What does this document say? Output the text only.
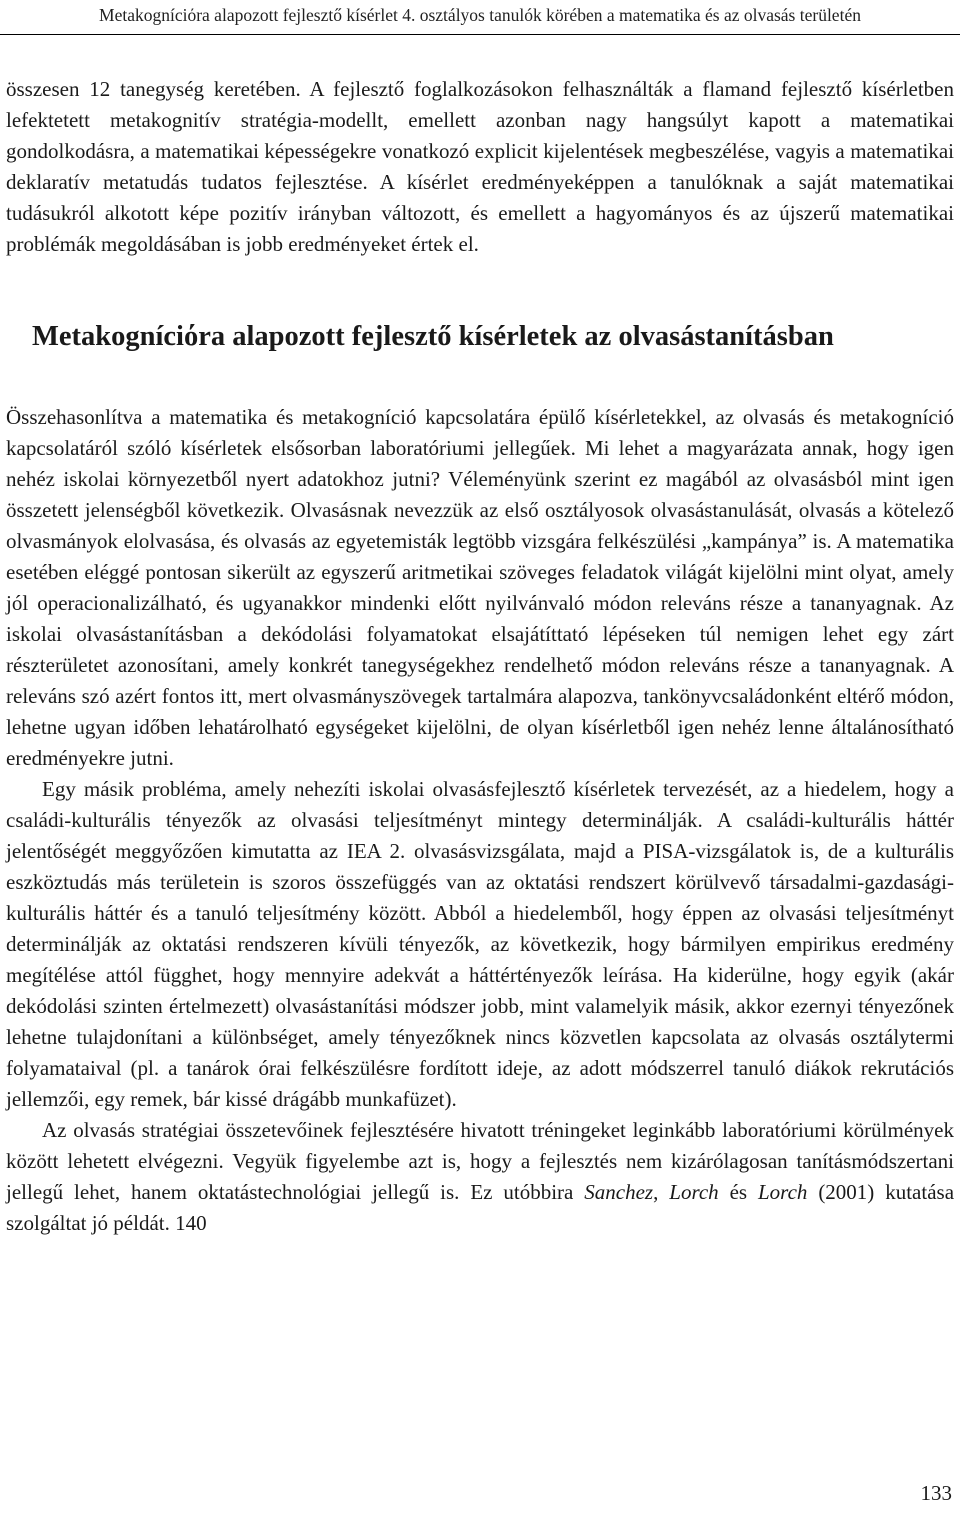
Metakogníciόra alapozott fejlesztő kísérlet 4. osztályos tanulók körében a matematika és az olvasás területén

összesen 12 tanegység keretében. A fejlesztő foglalkozásokon felhasználták a flamand fejlesztő kísérletben lefektetett metakognitív stratégia-modellt, emellett azonban nagy hangsúlyt kapott a matematikai gondolkodásra, a matematikai képességekre vonatkozó explicit kijelentések megbeszélése, vagyis a matematikai deklaratív metatudás tudatos fejlesztése. A kísérlet eredményeképpen a tanulóknak a saját matematikai tudásukról alkotott képe pozitív irányban változott, és emellett a hagyományos és az újszerű matematikai problémák megoldásában is jobb eredményeket értek el.

Metakogníciόra alapozott fejlesztő kísérletek az olvasástanításban

Összehasonlítva a matematika és metakogníció kapcsolatára épülő kísérletekkel, az olvasás és metakogníció kapcsolatáról szóló kísérletek elsősorban laboratóriumi jellegűek. Mi lehet a magyarázata annak, hogy igen nehéz iskolai környezetből nyert adatokhoz jutni? Véleményünk szerint ez magából az olvasásból mint igen összetett jelenségből következik. Olvasásnak nevezzük az első osztályosok olvasástanulását, olvasás a kötelező olvasmányok elolvasása, és olvasás az egyetemisták legtöbb vizsgára felkészülési „kampánya” is. A matematika esetében eléggé pontosan sikerült az egyszerű aritmetikai szöveges feladatok világát kijelölni mint olyat, amely jól operacionalizálható, és ugyanakkor mindenki előtt nyilvánvaló módon releváns része a tananyagnak. Az iskolai olvasástanításban a dekódolási folyamatokat elsajátíttató lépéseken túl nemigen lehet egy zárt részterületet azonosítani, amely konkrét tanegységekhez rendelhető módon releváns része a tananyagnak. A releváns szó azért fontos itt, mert olvasmányszövegek tartalmára alapozva, tankönyvcsaládonként eltérő módon, lehetne ugyan időben lehatárolható egységeket kijelölni, de olyan kísérletből igen nehéz lenne általánosítható eredményekre jutni.

Egy másik probléma, amely nehezíti iskolai olvasásfejlesztő kísérletek tervezését, az a hiedelem, hogy a családi-kulturális tényezők az olvasási teljesítményt mintegy determinálják. A családi-kulturális háttér jelentőségét meggyőzően kimutatta az IEA 2. olvasásvizsgálata, majd a PISA-vizsgálatok is, de a kulturális eszköztudás más területein is szoros összefüggés van az oktatási rendszert körülvevő társadalmi-gazdasági-kulturális háttér és a tanuló teljesítmény között. Abból a hiedelemből, hogy éppen az olvasási teljesítményt determinálják az oktatási rendszeren kívüli tényezők, az következik, hogy bármilyen empirikus eredmény megítélése attól függhet, hogy mennyire adekvát a háttértényezők leírása. Ha kiderülne, hogy egyik (akár dekódolási szinten értelmezett) olvasástanítási módszer jobb, mint valamelyik másik, akkor ezernyi tényezőnek lehetne tulajdonítani a különbséget, amely tényezőknek nincs közvetlen kapcsolata az olvasás osztálytermi folyamataival (pl. a tanárok órai felkészülésre fordított ideje, az adott módszerrel tanuló diákok rekrutációs jellemzői, egy remek, bár kissé drágább munkafüzet).

Az olvasás stratégiai összetevőinek fejlesztésére hivatott tréningeket leginkább laboratóriumi körülmények között lehetett elvégezni. Vegyük figyelembe azt is, hogy a fejlesztés nem kizárólagosan tanításmódszertani jellegű lehet, hanem oktatástechnológiai jellegű is. Ez utóbbira Sanchez, Lorch és Lorch (2001) kutatása szolgáltat jó példát. 140

133
